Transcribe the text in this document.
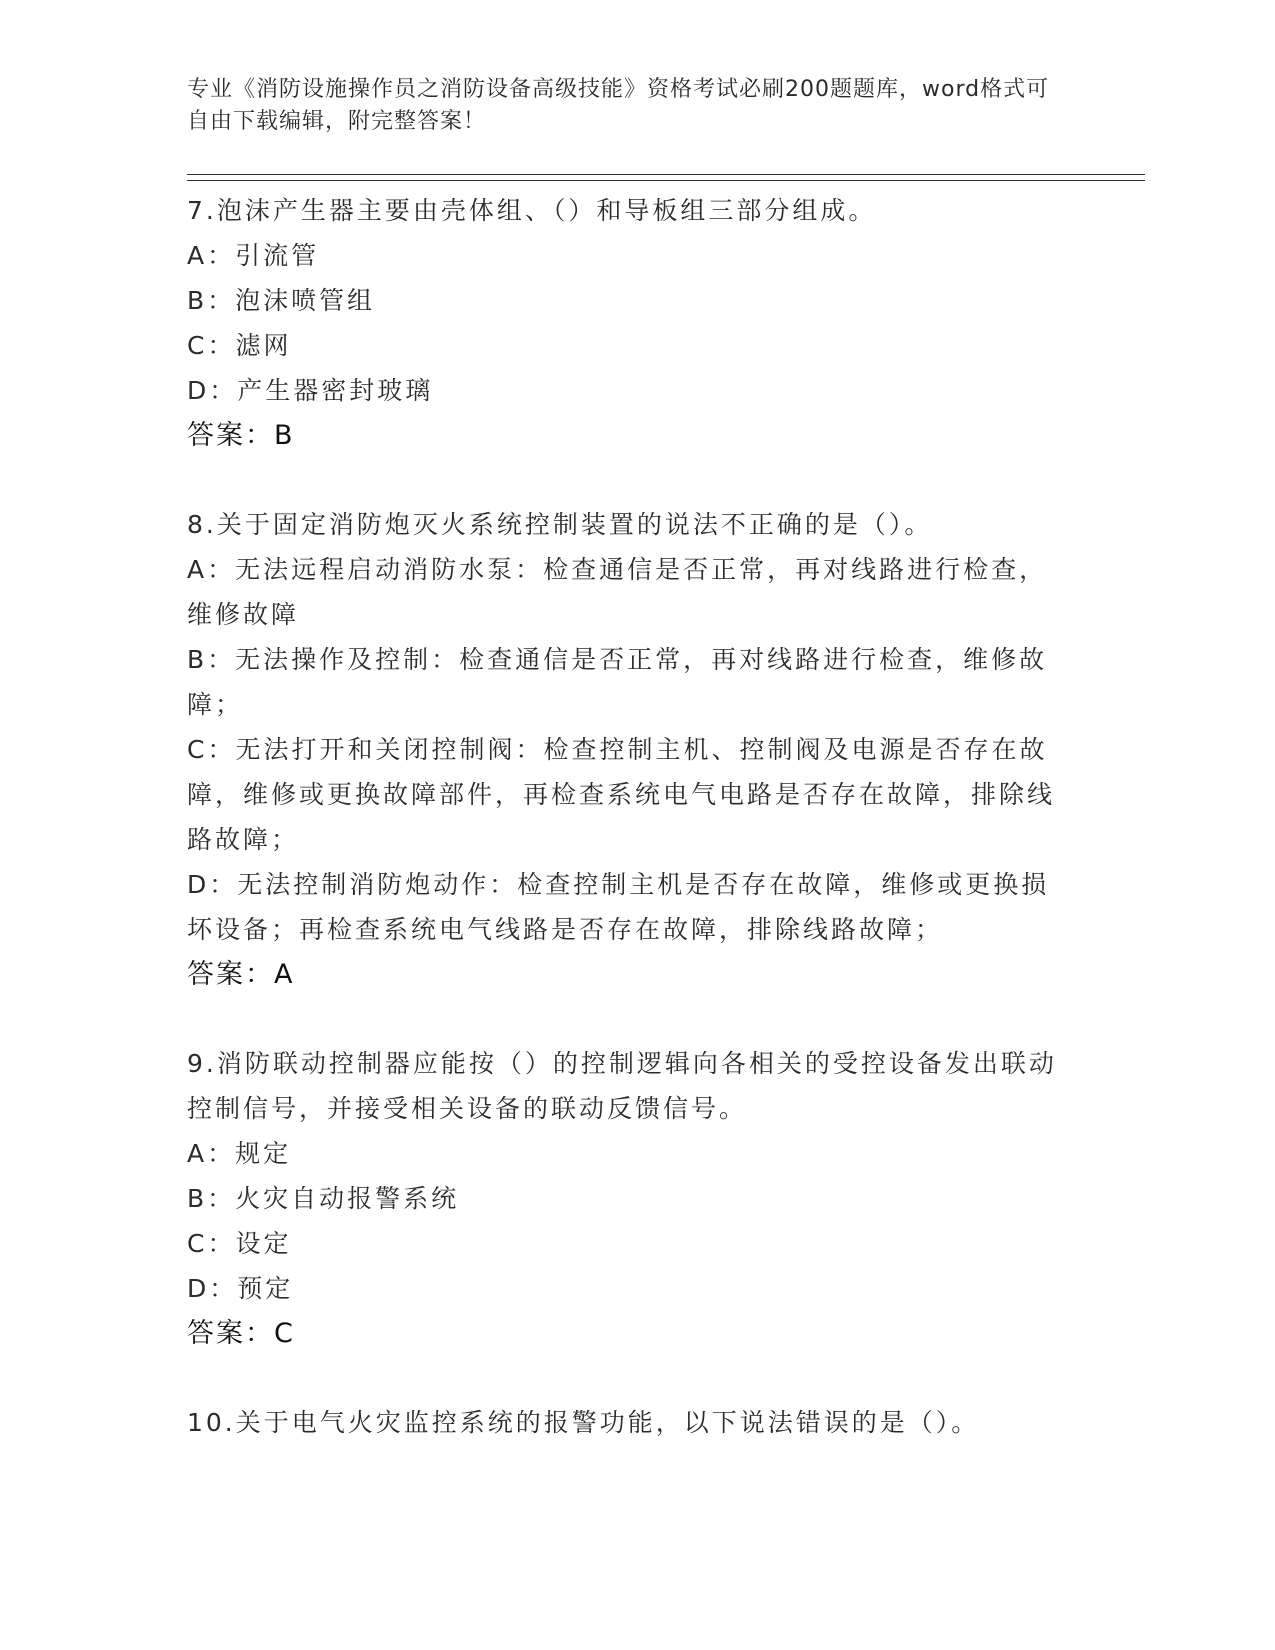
专业《消防设施操作员之消防设备高级技能》资格考试必刷200题题库，word格式可自由下载编辑，附完整答案！
7.泡沫产生器主要由壳体组、（）和导板组三部分组成。
A：引流管
B：泡沫喷管组
C：滤网
D：产生器密封玻璃
答案：B
8.关于固定消防炮灭火系统控制装置的说法不正确的是（）。
A：无法远程启动消防水泵：检查通信是否正常，再对线路进行检查，维修故障
B：无法操作及控制：检查通信是否正常，再对线路进行检查，维修故障；
C：无法打开和关闭控制阀：检查控制主机、控制阀及电源是否存在故障，维修或更换故障部件，再检查系统电气电路是否存在故障，排除线路故障；
D：无法控制消防炮动作：检查控制主机是否存在故障，维修或更换损坏设备；再检查系统电气线路是否存在故障，排除线路故障；
答案：A
9.消防联动控制器应能按（）的控制逻辑向各相关的受控设备发出联动控制信号，并接受相关设备的联动反馈信号。
A：规定
B：火灾自动报警系统
C：设定
D：预定
答案：C
10.关于电气火灾监控系统的报警功能，以下说法错误的是（）。
